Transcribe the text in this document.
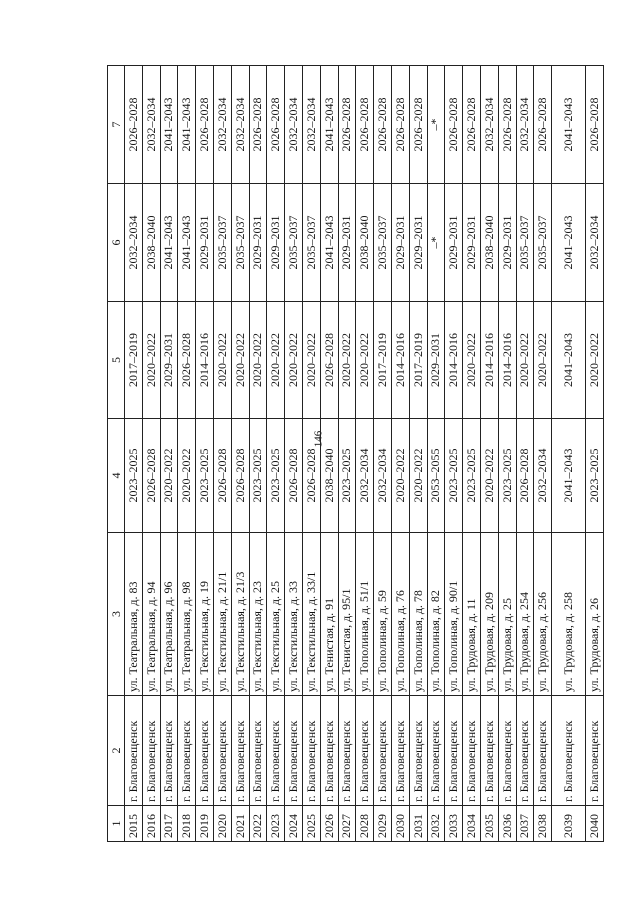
146
1	2	3	4	5	6	7
2015	г. Благовещенск	ул. Театральная, д. 83	2023–2025	2017–2019	2032–2034	2026–2028
2016	г. Благовещенск	ул. Театральная, д. 94	2026–2028	2020–2022	2038–2040	2032–2034
2017	г. Благовещенск	ул. Театральная, д. 96	2020–2022	2029–2031	2041–2043	2041–2043
2018	г. Благовещенск	ул. Театральная, д. 98	2020–2022	2026–2028	2041–2043	2041–2043
2019	г. Благовещенск	ул. Текстильная, д. 19	2023–2025	2014–2016	2029–2031	2026–2028
2020	г. Благовещенск	ул. Текстильная, д. 21/1	2026–2028	2020–2022	2035–2037	2032–2034
2021	г. Благовещенск	ул. Текстильная, д. 21/3	2026–2028	2020–2022	2035–2037	2032–2034
2022	г. Благовещенск	ул. Текстильная, д. 23	2023–2025	2020–2022	2029–2031	2026–2028
2023	г. Благовещенск	ул. Текстильная, д. 25	2023–2025	2020–2022	2029–2031	2026–2028
2024	г. Благовещенск	ул. Текстильная, д. 33	2026–2028	2020–2022	2035–2037	2032–2034
2025	г. Благовещенск	ул. Текстильная, д. 33/1	2026–2028	2020–2022	2035–2037	2032–2034
2026	г. Благовещенск	ул. Тенистая, д. 91	2038–2040	2026–2028	2041–2043	2041–2043
2027	г. Благовещенск	ул. Тенистая, д. 95/1	2023–2025	2020–2022	2029–2031	2026–2028
2028	г. Благовещенск	ул. Тополиная, д. 51/1	2032–2034	2020–2022	2038–2040	2026–2028
2029	г. Благовещенск	ул. Тополиная, д. 59	2032–2034	2017–2019	2035–2037	2026–2028
2030	г. Благовещенск	ул. Тополиная, д. 76	2020–2022	2014–2016	2029–2031	2026–2028
2031	г. Благовещенск	ул. Тополиная, д. 78	2020–2022	2017–2019	2029–2031	2026–2028
2032	г. Благовещенск	ул. Тополиная, д. 82	2053–2055	2029–2031	–*	–*
2033	г. Благовещенск	ул. Тополиная, д. 90/1	2023–2025	2014–2016	2029–2031	2026–2028
2034	г. Благовещенск	ул. Трудовая, д. 11	2023–2025	2020–2022	2029–2031	2026–2028
2035	г. Благовещенск	ул. Трудовая, д. 209	2020–2022	2014–2016	2038–2040	2032–2034
2036	г. Благовещенск	ул. Трудовая, д. 25	2023–2025	2014–2016	2029–2031	2026–2028
2037	г. Благовещенск	ул. Трудовая, д. 254	2026–2028	2020–2022	2035–2037	2032–2034
2038	г. Благовещенск	ул. Трудовая, д. 256	2032–2034	2020–2022	2035–2037	2026–2028
2039	г. Благовещенск	ул. Трудовая, д. 258	2041–2043	2041–2043	2041–2043	2041–2043
2040	г. Благовещенск	ул. Трудовая, д. 26	2023–2025	2020–2022	2032–2034	2026–2028
